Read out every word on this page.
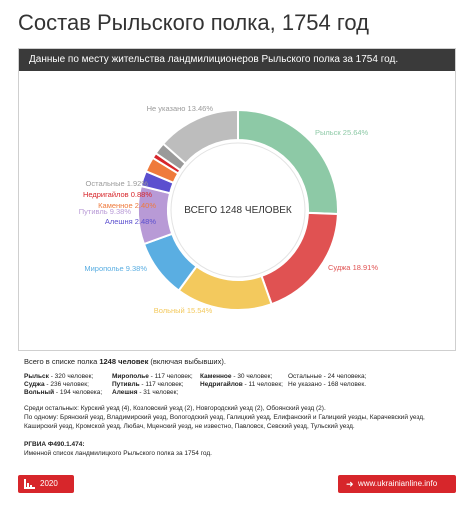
Состав Рыльского полка, 1754 год
Данные по месту жительства ландмилиционеров Рыльского полка за 1754 год.
Рыльск 25.64%
Суджа 18.91%
Вольный 15.54%
Мирополье 9.38%
Путивль 9.38%
Алешня 2.48%
Каменное 2.40%
Недригайлов 0.88%
Остальные 1.92%
Не указано 13.46%
ВСЕГО 1248 ЧЕЛОВЕК
Всего в списке полка 1248 человек (включая выбывших).
Рыльск - 320 человек;	Мирополье - 117 человек; Каменное - 30 человек; Остальные - 24 человека;
Суджа - 236 человек;	Путивль - 117 человек;	Недригайлов - 11 человек; Не указано - 168 человек.
Вольный - 194 человека; Алешня - 31 человек;
Среди остальных: Курский уезд (4), Козловский уезд (2), Новгородский уезд (2), Обоянский уезд (2).
По одному: Брянский уезд, Владимирский уезд, Вологодский уезд, Галицкий уезд, Елифанский и Галицкий уезды, Карачевский уезд,
Каширский уезд, Кромской уезд, Любач, Мценский уезд, не известно, Павловск, Севский уезд, Тульский уезд.
РГВИА Ф490.1.474:
Именной список ландмилицкого Рыльского полка за 1754 год.
2020	➜ www.ukrainianline.info
